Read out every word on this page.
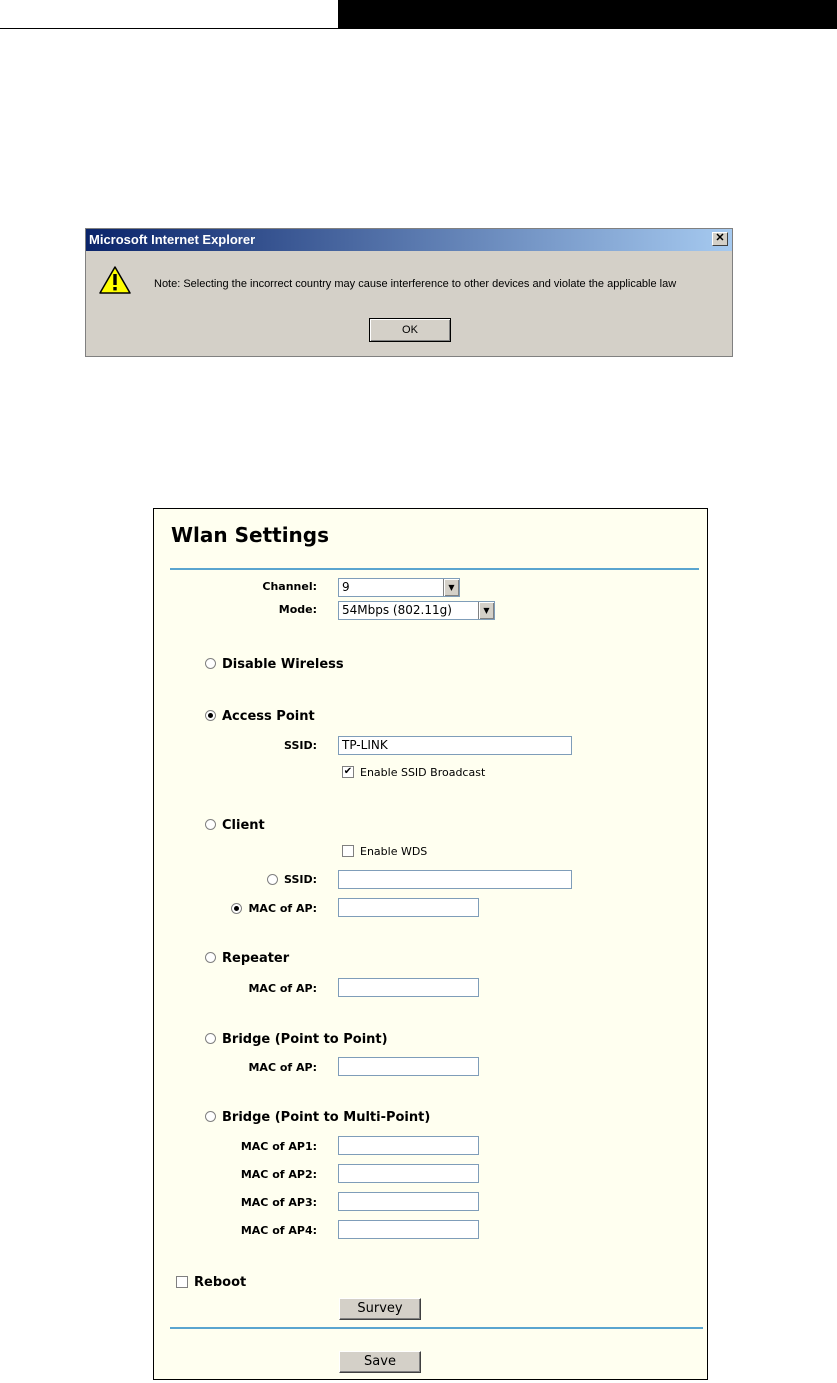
Microsoft Internet Explorer	✕
Note: Selecting the incorrect country may cause interference to other devices and violate the applicable law
OK
Wlan Settings
Channel:	9	▼
Mode:	54Mbps (802.11g)	▼
Disable Wireless
Access Point
SSID:	TP-LINK
✔ Enable SSID Broadcast
Client
Enable WDS
SSID:
MAC of AP:
Repeater
MAC of AP:
Bridge (Point to Point)
MAC of AP:
Bridge (Point to Multi-Point)
MAC of AP1:
MAC of AP2:
MAC of AP3:
MAC of AP4:
Reboot
Survey
Save
